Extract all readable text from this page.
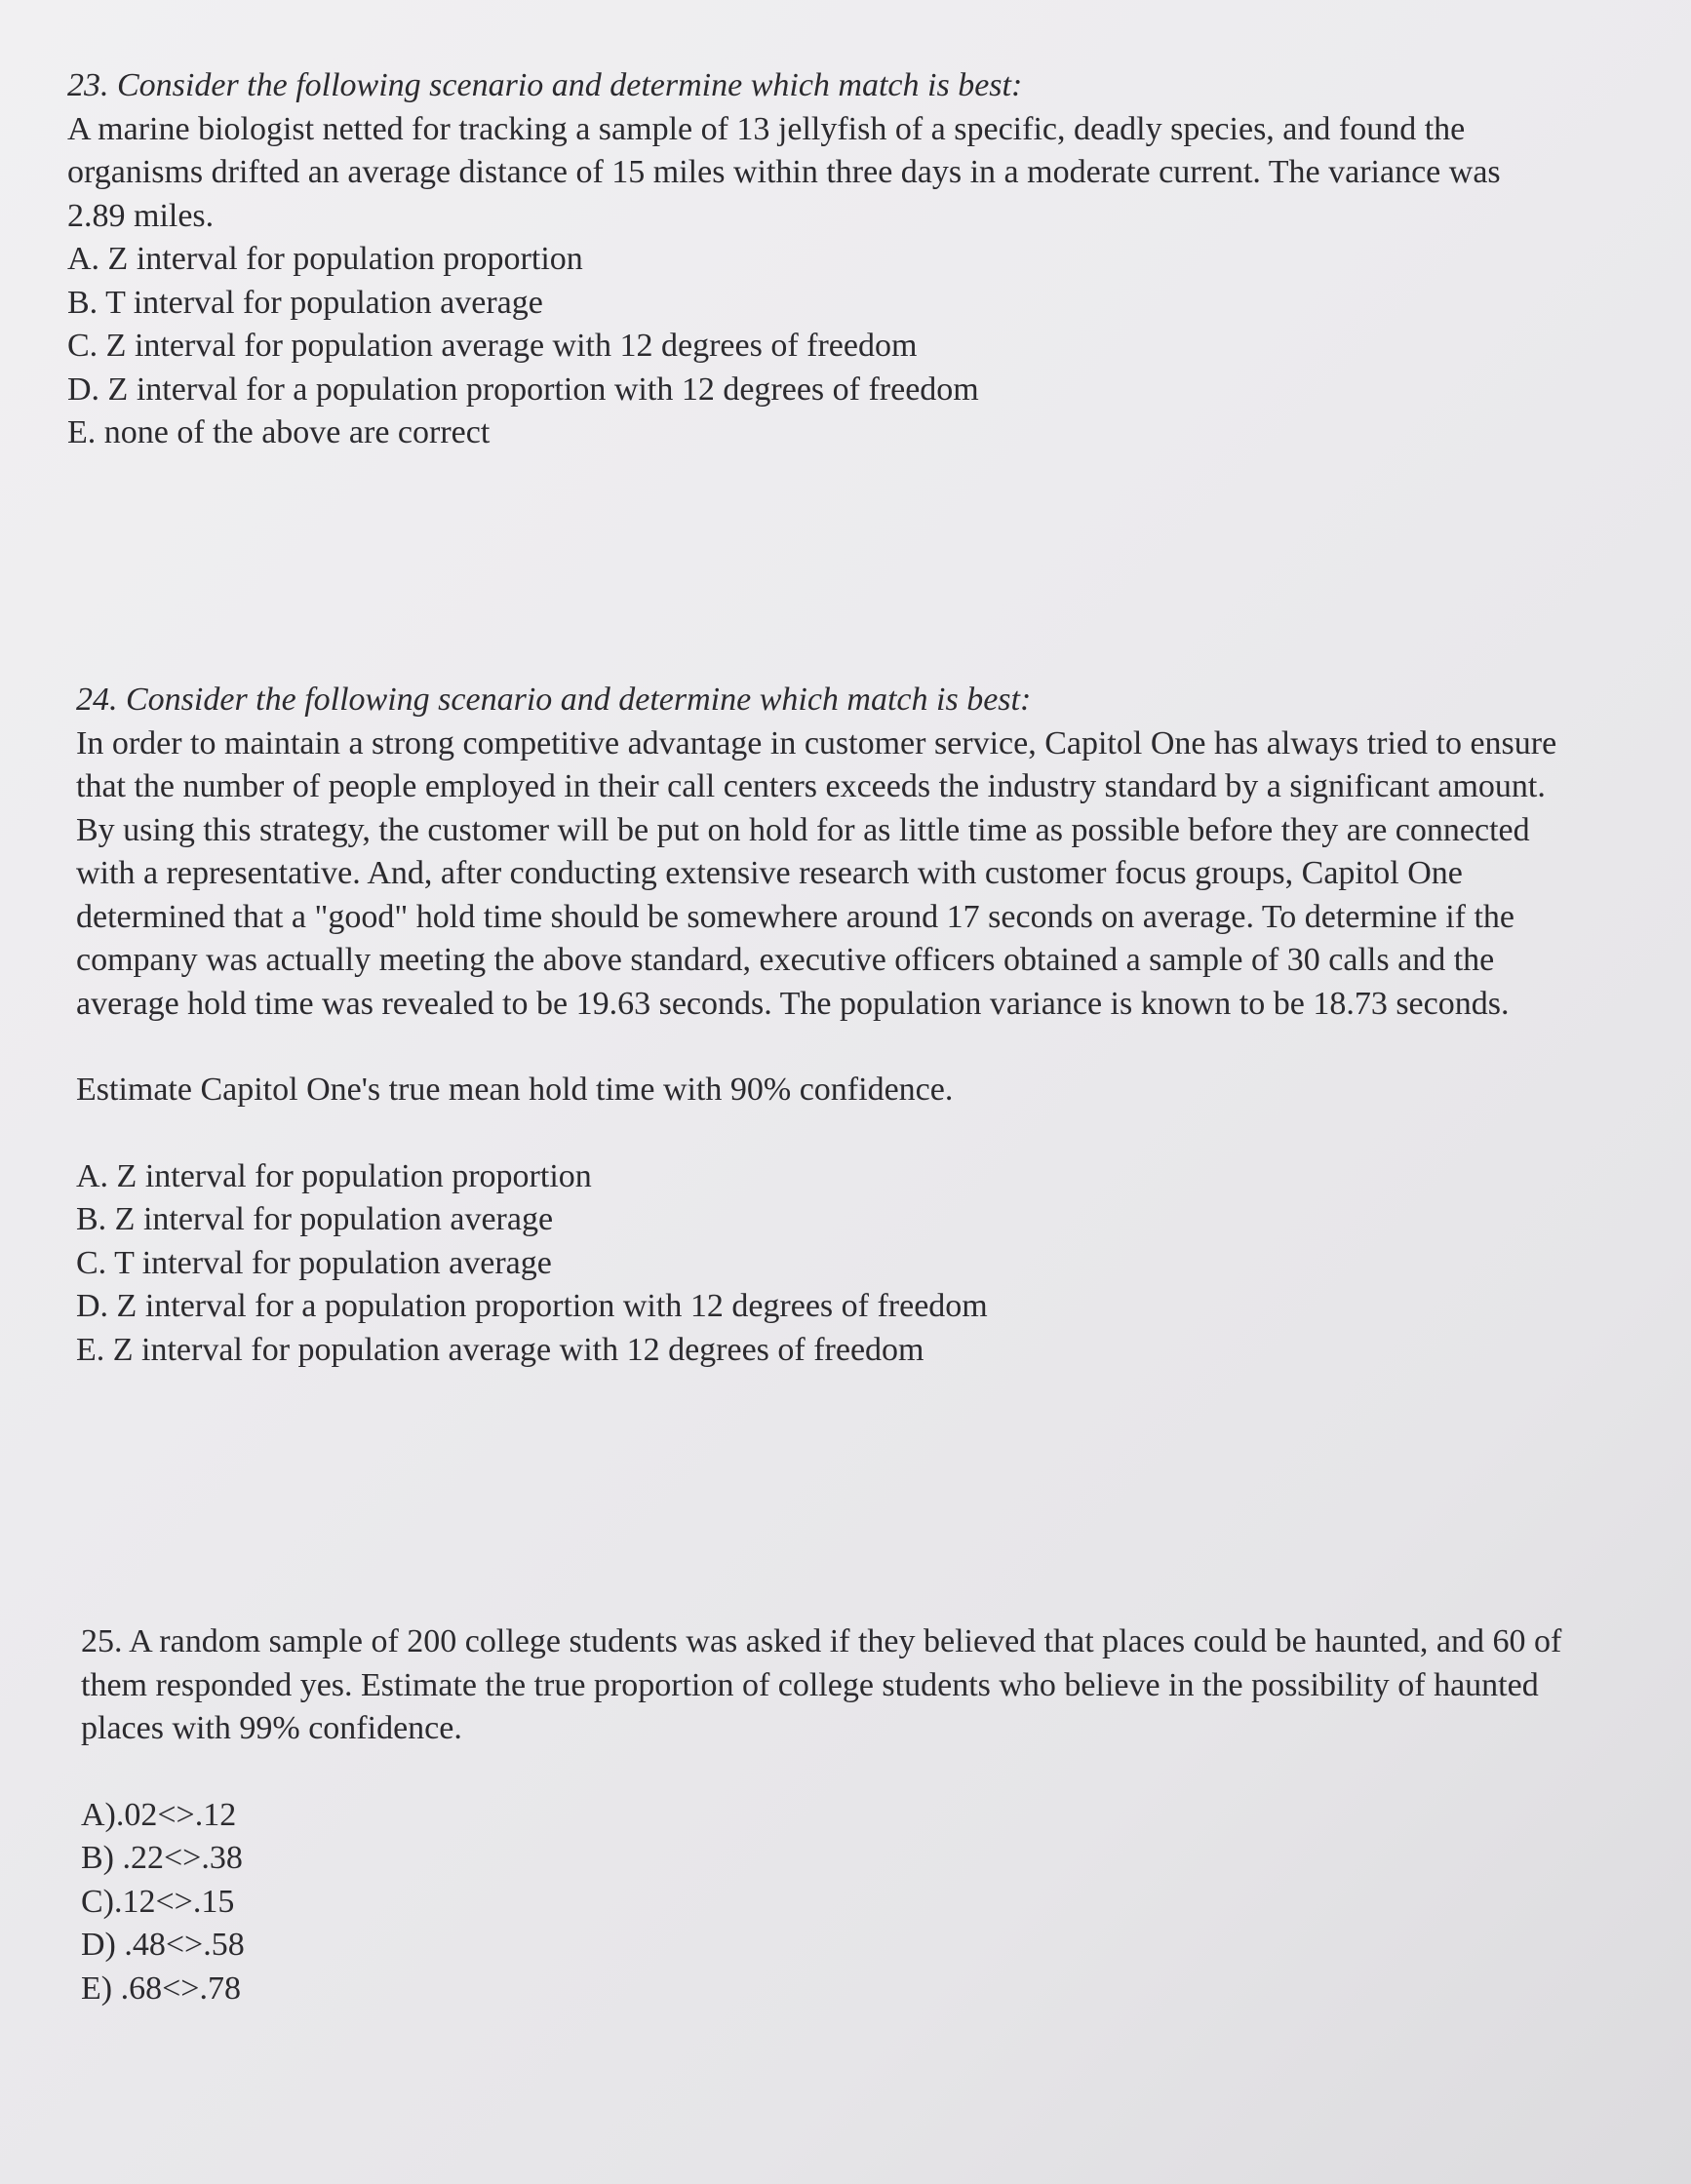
23. Consider the following scenario and determine which match is best:
A marine biologist netted for tracking a sample of 13 jellyfish of a specific, deadly species, and found the
organisms drifted an average distance of 15 miles within three days in a moderate current. The variance was
2.89 miles.
A. Z interval for population proportion
B. T interval for population average
C. Z interval for population average with 12 degrees of freedom
D. Z interval for a population proportion with 12 degrees of freedom
E. none of the above are correct
24. Consider the following scenario and determine which match is best:
In order to maintain a strong competitive advantage in customer service, Capitol One has always tried to ensure
that the number of people employed in their call centers exceeds the industry standard by a significant amount.
By using this strategy, the customer will be put on hold for as little time as possible before they are connected
with a representative. And, after conducting extensive research with customer focus groups, Capitol One
determined that a "good" hold time should be somewhere around 17 seconds on average. To determine if the
company was actually meeting the above standard, executive officers obtained a sample of 30 calls and the
average hold time was revealed to be 19.63 seconds. The population variance is known to be 18.73 seconds.
Estimate Capitol One's true mean hold time with 90% confidence.
A. Z interval for population proportion
B. Z interval for population average
C. T interval for population average
D. Z interval for a population proportion with 12 degrees of freedom
E. Z interval for population average with 12 degrees of freedom
25. A random sample of 200 college students was asked if they believed that places could be haunted, and 60 of
them responded yes. Estimate the true proportion of college students who believe in the possibility of haunted
places with 99% confidence.
A).02<>.12
B) .22<>.38
C).12<>.15
D) .48<>.58
E) .68<>.78
